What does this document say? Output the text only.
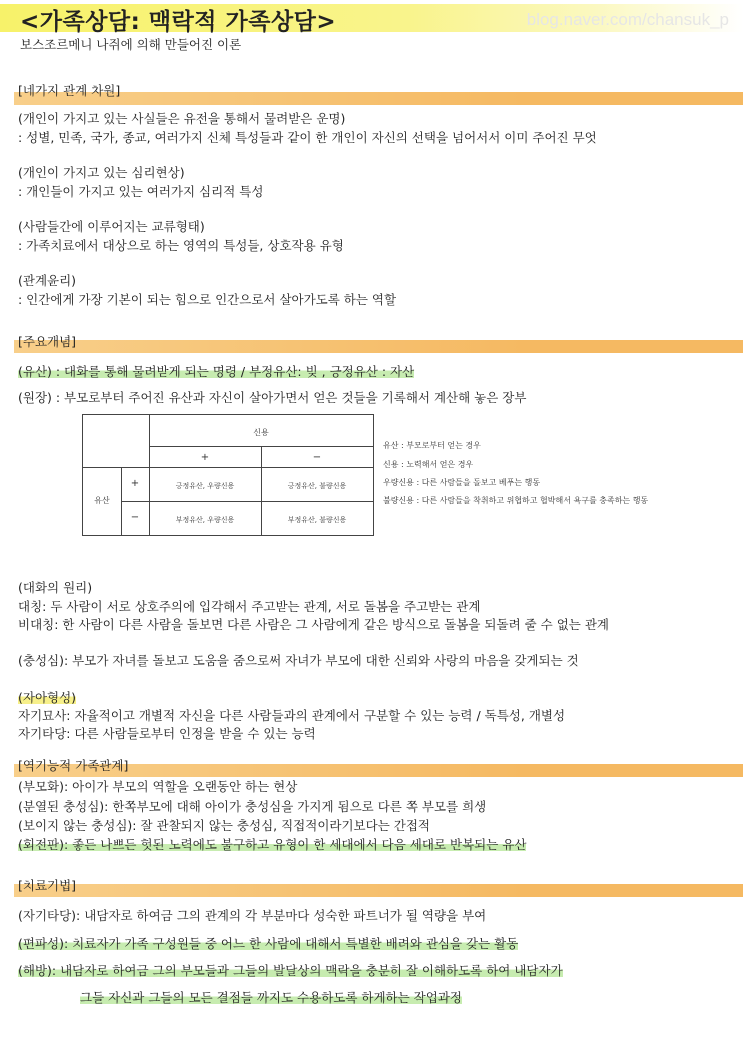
<가족상담: 맥락적 가족상담>	blog.naver.com/chansuk_p
보스조르메니 나쥐에 의해 만들어진 이론
[네가지 관계 차원]
(개인이 가지고 있는 사실들은 유전을 통해서 물려받은 운명)
: 성별, 민족, 국가, 종교, 여러가지 신체 특성들과 같이 한 개인이 자신의 선택을 넘어서서 이미 주어진 무엇
(개인이 가지고 있는 심리현상)
: 개인들이 가지고 있는 여러가지 심리적 특성
(사람들간에 이루어지는 교류형태)
: 가족치료에서 대상으로 하는 영역의 특성들, 상호작용 유형
(관계윤리)
: 인간에게 가장 기본이 되는 힘으로 인간으로서 살아가도록 하는 역할
[주요개념]
(유산) : 대화를 통해 물려받게 되는 명령 / 부정유산: 빚 , 긍정유산 : 자산
(원장) : 부모로부터 주어진 유산과 자신이 살아가면서 얻은 것들을 기록해서 계산해 놓은 장부
신용
+	−
유산
+
−
긍정유산, 우량신용	긍정유산, 불량신용
부정유산, 우량신용	부정유산, 불량신용
유산 : 부모로부터 얻는 경우
신용 : 노력해서 얻은 경우
우량신용 : 다른 사람들을 돌보고 베푸는 행동
불량신용 : 다른 사람들을 착취하고 위협하고 협박해서 욕구를 충족하는 행동
(대화의 원리)
대칭: 두 사람이 서로 상호주의에 입각해서 주고받는 관계, 서로 돌봄을 주고받는 관계
비대칭: 한 사람이 다른 사람을 돌보면 다른 사람은 그 사람에게 같은 방식으로 돌봄을 되돌려 줄 수 없는 관계
(충성심): 부모가 자녀를 돌보고 도움을 줌으로써 자녀가 부모에 대한 신뢰와 사랑의 마음을 갖게되는 것
(자아형성)
자기묘사: 자율적이고 개별적 자신을 다른 사람들과의 관계에서 구분할 수 있는 능력 / 독특성, 개별성
자기타당: 다른 사람들로부터 인정을 받을 수 있는 능력
[역기능적 가족관계]
(부모화): 아이가 부모의 역할을 오랜동안 하는 현상
(분열된 충성심): 한쪽부모에 대해 아이가 충성심을 가지게 됨으로 다른 쪽 부모를 희생
(보이지 않는 충성심): 잘 관찰되지 않는 충성심, 직접적이라기보다는 간접적
(회전판): 좋든 나쁘든 헛된 노력에도 불구하고 유형이 한 세대에서 다음 세대로 반복되는 유산
[치료기법]
(자기타당): 내담자로 하여금 그의 관계의 각 부분마다 성숙한 파트너가 될 역량을 부여
(편파성): 치료자가 가족 구성원들 중 어느 한 사람에 대해서 특별한 배려와 관심을 갖는 활동
(해방): 내담자로 하여금 그의 부모들과 그들의 발달상의 맥락을 충분히 잘 이해하도록 하여 내담자가
그들 자신과 그들의 모든 결점들 까지도 수용하도록 하게하는 작업과정
